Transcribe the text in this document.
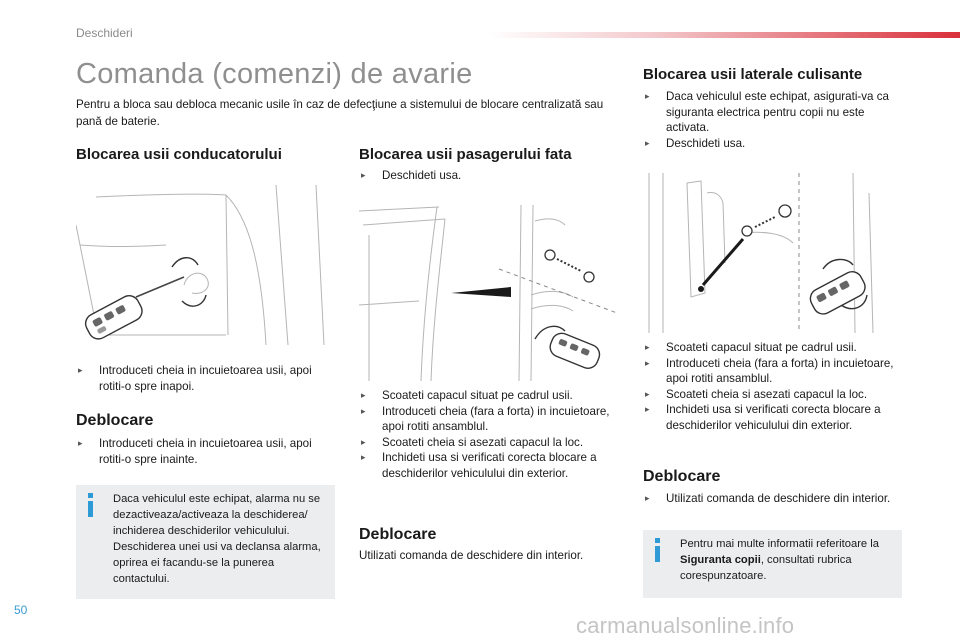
Deschideri
Comanda (comenzi) de avarie
Pentru a bloca sau debloca mecanic usile în caz de defecţiune a sistemului de blocare centralizată sau pană de baterie.
Blocarea usii conducatorului
▸ Introduceti cheia in incuietoarea usii, apoi rotiti-o spre inapoi.
Deblocare
▸ Introduceti cheia in incuietoarea usii, apoi rotiti-o spre inainte.
Daca vehiculul este echipat, alarma nu se dezactiveaza/activeaza la deschiderea/ inchiderea deschiderilor vehiculului. Deschiderea unei usi va declansa alarma, oprirea ei facandu-se la punerea contactului.
Blocarea usii pasagerului fata
▸ Deschideti usa.
▸ Scoateti capacul situat pe cadrul usii.
▸ Introduceti cheia (fara a forta) in incuietoare, apoi rotiti ansamblul.
▸ Scoateti cheia si asezati capacul la loc.
▸ Inchideti usa si verificati corecta blocare a deschiderilor vehiculului din exterior.
Deblocare
Utilizati comanda de deschidere din interior.
Blocarea usii laterale culisante
▸ Daca vehiculul este echipat, asigurati-va ca siguranta electrica pentru copii nu este activata.
▸ Deschideti usa.
▸ Scoateti capacul situat pe cadrul usii.
▸ Introduceti cheia (fara a forta) in incuietoare, apoi rotiti ansamblul.
▸ Scoateti cheia si asezati capacul la loc.
▸ Inchideti usa si verificati corecta blocare a deschiderilor vehiculului din exterior.
Deblocare
▸ Utilizati comanda de deschidere din interior.
Pentru mai multe informatii referitoare la Siguranta copii, consultati rubrica corespunzatoare.
50
carmanualsonline.info
